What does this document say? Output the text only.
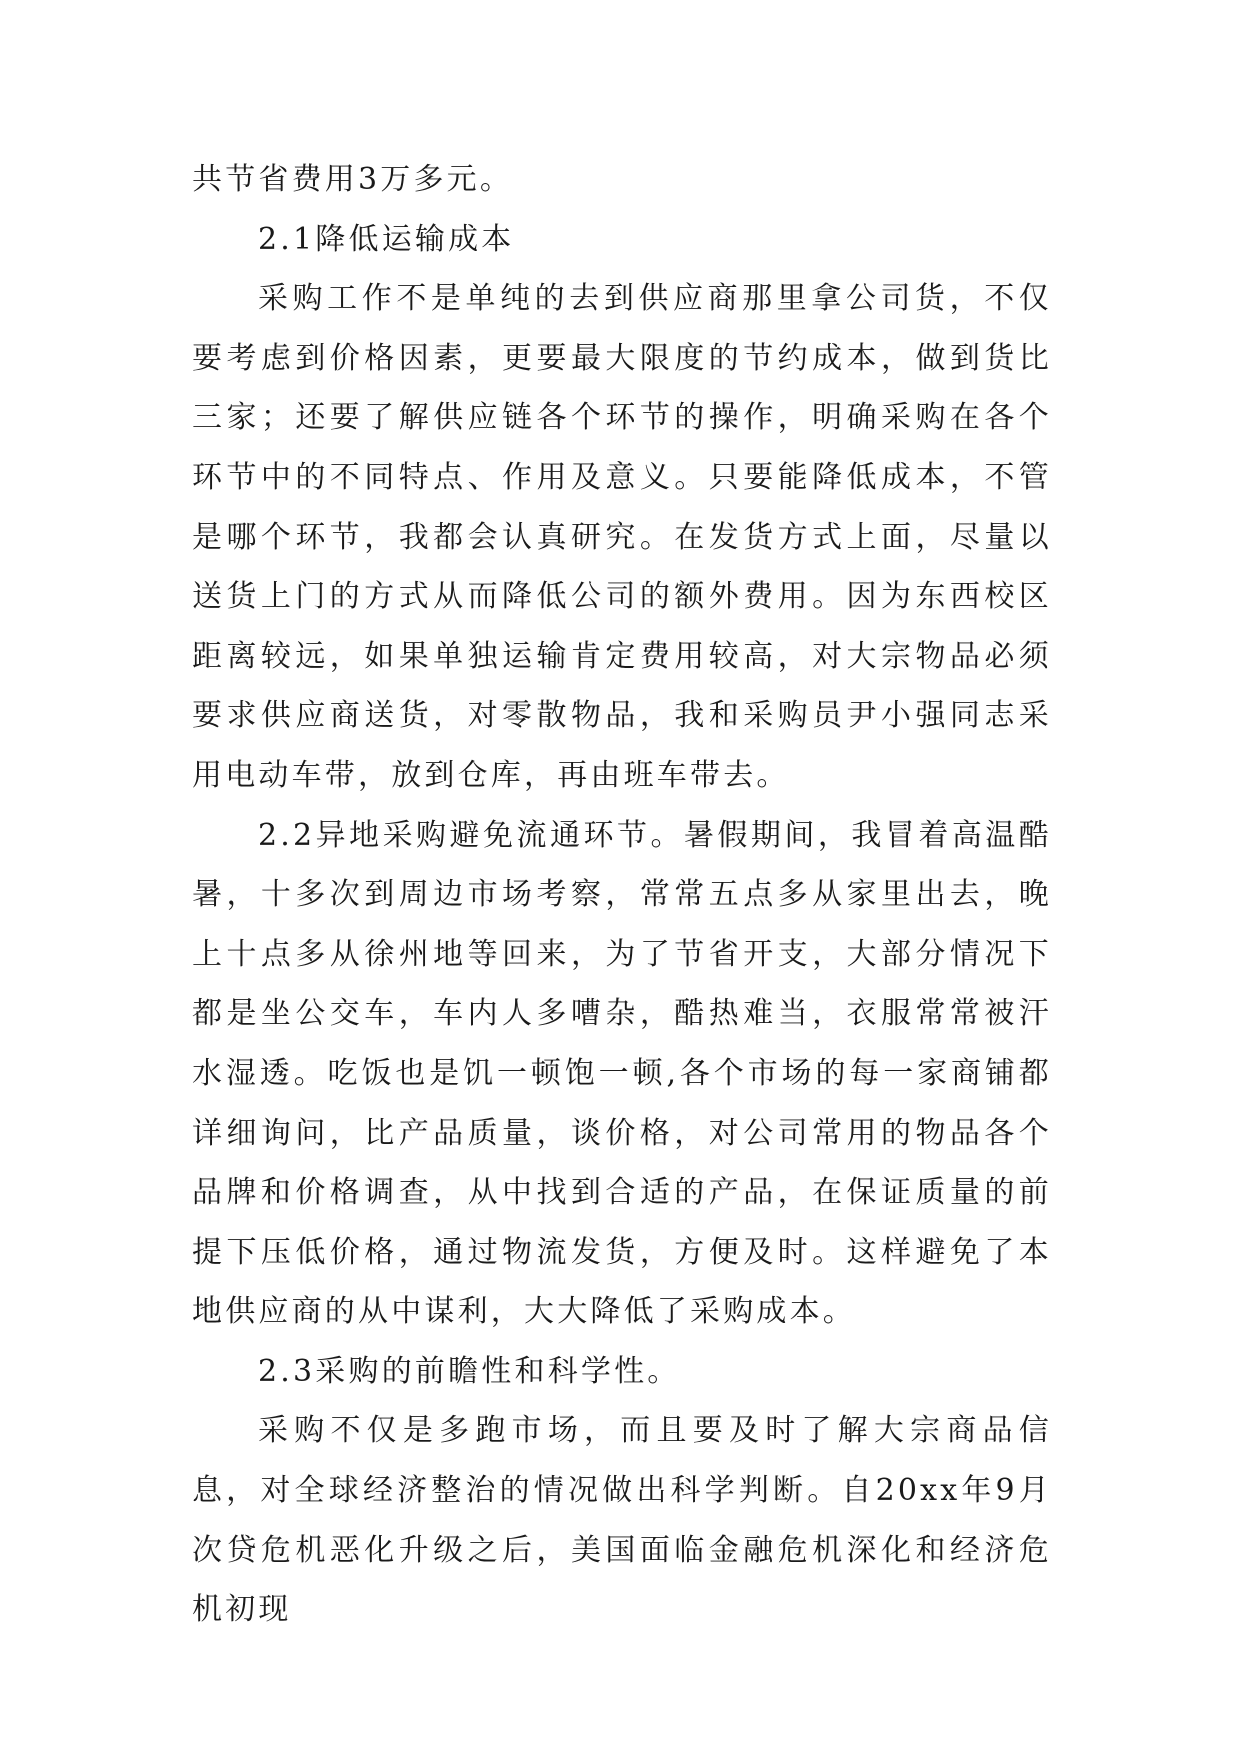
共节省费用3万多元。

2.1降低运输成本

采购工作不是单纯的去到供应商那里拿公司货，不仅要考虑到价格因素，更要最大限度的节约成本，做到货比三家；还要了解供应链各个环节的操作，明确采购在各个环节中的不同特点、作用及意义。只要能降低成本，不管是哪个环节，我都会认真研究。在发货方式上面，尽量以送货上门的方式从而降低公司的额外费用。因为东西校区距离较远，如果单独运输肯定费用较高，对大宗物品必须要求供应商送货，对零散物品，我和采购员尹小强同志采用电动车带，放到仓库，再由班车带去。

2.2异地采购避免流通环节。暑假期间，我冒着高温酷暑，十多次到周边市场考察，常常五点多从家里出去，晚上十点多从徐州地等回来，为了节省开支，大部分情况下都是坐公交车，车内人多嘈杂，酷热难当，衣服常常被汗水湿透。吃饭也是饥一顿饱一顿,各个市场的每一家商铺都详细询问，比产品质量，谈价格，对公司常用的物品各个品牌和价格调查，从中找到合适的产品，在保证质量的前提下压低价格，通过物流发货，方便及时。这样避免了本地供应商的从中谋利，大大降低了采购成本。

2.3采购的前瞻性和科学性。

采购不仅是多跑市场，而且要及时了解大宗商品信息，对全球经济整治的情况做出科学判断。自20xx年9月次贷危机恶化升级之后，美国面临金融危机深化和经济危机初现
